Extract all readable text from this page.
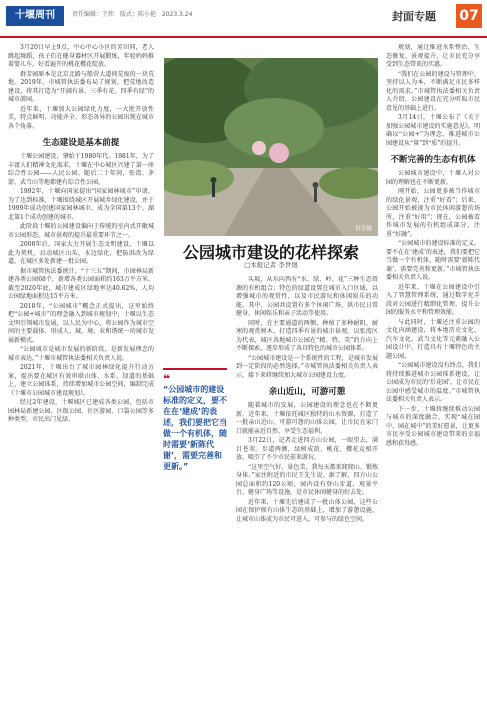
十堰周刊	责任编辑：王炜 版式：陈小艳 2023.3.24	封面专题 07

3月20日早上9点，中心中心小区的芳田同，老人跳起舞蹈，孩子们在健身器材区开展锻炼，年轻妈妈推着婴儿车，好看遍开的桃花樱花绽放。

群芳园原本是北京北路与船营大道间荒废的一块荒地。2019年，市城管执法委布局了规划，把荒地改造建设，将其打造为“开阔有景、三季有花、四季有绿”的城市游园。

近年来，十堰加大公园绿化力度，一大批开放性美、特点鲜明、功能齐全、形态各异的公园出现在城市各个角落。

生态建设是基本前提

十堰公园建设，肇始于1980年代。1981年，为了丰富人们精神文化需求，十堰在中心城区兴建了第一座综合性公园——人民公园。随后二十年间，张湾、茅箭、武当山等地都建有综合性公园。

1992年，十堰向国家提出“国家园林城市”申请，为了达到标准，十堰围绕城区开展城乡绿化建设，并于1999年成功创建国家园林城市，成为全国第13个、湖北第1个成功创建的城市。

此阶段十堰的公园建设偏向于传统的室内式开敞城市公园形态，城市景观的提升最重要环节之一。

2008年后，国家大力开展生态文明建设，十堰以此为契机，启动城区山头、水边绿化，把防洪改为绿道，在城区多处新建一批公园。

据市城管执法委统计，“十三五”期间，市园林局新建各类公园68个，新增各类公园面积约163万平方米，截至2020年底，城市建成区绿地率达40.62%，人均公园绿地面积达15平方米。

2018年，“公园城市”概念正式提出，这里始终把“公园+城市”的理念融入到城市规划中，十堰以生态文明引领城市发展，以人民为中心，将公园作为城市空间的主要载体，形成人、城、境、业和谐统一的城市发展新模式。

“公园城市是城市发展的新阶段，是新发展理念的城市表达。”十堰市城管执法委相关负责人说。

2021年，十堰出台了城市园林绿化提升行动方案，提出要在城区有效串联山体、水系、绿道的基础上，建立公园体系，持续增加城市公园空间，编制完成《十堰市公园城市建设规划》。

经过2年建设，十堰城区已建成各类公园，包括市园林局新建公园、区级公园、社区游园、口袋公园等多种类型，市民出门见绿。

舒芳摄
公园城市建设的花样探索
□本报记者 李世煜

头坡，从东向西有“水、绿、岭、花”三种生态资源的有机组合；特色的绿道设置在城市入口区域，以增强城市的观赏性，以及市民游玩和休闲娱乐的功能。其中，公园共设置有多个休闲广场，供市民日常健身、休闲娱乐和亲子活动等使用。

同时，在主要通道的两侧，种植了多种耐阴、耐寒的观赏树木，打造四季有景的城市景观。以张湾区为代表，城区各地城市公园在“精、特、美”的方向上不断探索，逐步形成了各具特色的城市公园体系。

“公园城市建设是一个系统性的工程，是城市发展到一定阶段的必然选择。”市城管执法委相关负责人表示，接下来将继续加大城市公园建设力度。

亲山近山，可游可憩

随着城市的发展，公园建设的理念也在不断更新。近年来，十堰依托城区独特的山水资源，打造了一批亲山近山、可游可憩的山体公园，让市民在家门口就能亲近自然、享受生态福利。

3月22日，记者走进四方山公园，一眼望去，满目苍翠。步道两侧，绿树成荫，桃花、樱花竞相开放，吸引了不少市民前来游玩。

“这里空气好、景色美，我每天都来爬爬山、锻炼身体。”家住附近的市民王先生说。据了解，四方山公园总面积约120公顷，园内设有登山步道、观景平台、健身广场等设施，是市民休闲健身的好去处。

近年来，十堰先后建成了一批山体公园，这些公园在保护原有山体生态的基础上，增加了游憩设施，让城市山体成为市民可进入、可参与的绿色空间。

❝
“公园城市的建设标准的定义，要不在在‘建成’的表述，我们要把它当做一个有机体，随时需要‘新陈代谢’，需要完善和更新。”

规划，通过推进水系整治、生态修复、景观提升，让市民充分享受到生态带来的实惠。

“我们在公园的建设与管理中，坚持以人为本，不断满足市民多样化的需求。”市城管执法委相关负责人介绍，公园建设在充分听取市民意见的基础上进行。

3月14日，十堰公布了《关于加强公园城市建设的实施意见》，明确以“公园+”为理念，推进城市公园建设从“量”到“质”的提升。

不断完善的生态有机体

公园城市建设中，十堰人对公园的理解也在不断更新。

刚开始，公园更多被当作城市的绿化景观，注重“好看”；后来，公园开始被视为市民休闲游憩的场所，注重“好用”；现在，公园被看作城市发展的有机组成部分，注重“好融”。

“公园城市的建设标准的定义，要不在在‘建成’的表述，我们要把它当做一个有机体，随时需要‘新陈代谢’，需要完善和更新。”市城管执法委相关负责人说。

近年来，十堰在公园建设中引入了智慧管理系统，通过数字化手段对公园进行精细化管理，提升公园的服务水平和管理效能。

与此同时，十堰还注重公园的文化内涵建设，将本地历史文化、汽车文化、武当文化等元素融入公园设计中，打造具有十堰特色的主题公园。

“公园城市建设没有终点，我们将持续推进城市公园体系建设，让公园成为市民的‘后花园’，让市民在公园中感受城市的温度。”市城管执法委相关负责人表示。

下一步，十堰将继续推动公园与城市的深度融合，实现“城在园中、园在城中”的美好愿景，让更多市民享受公园城市建设带来的幸福感和获得感。
